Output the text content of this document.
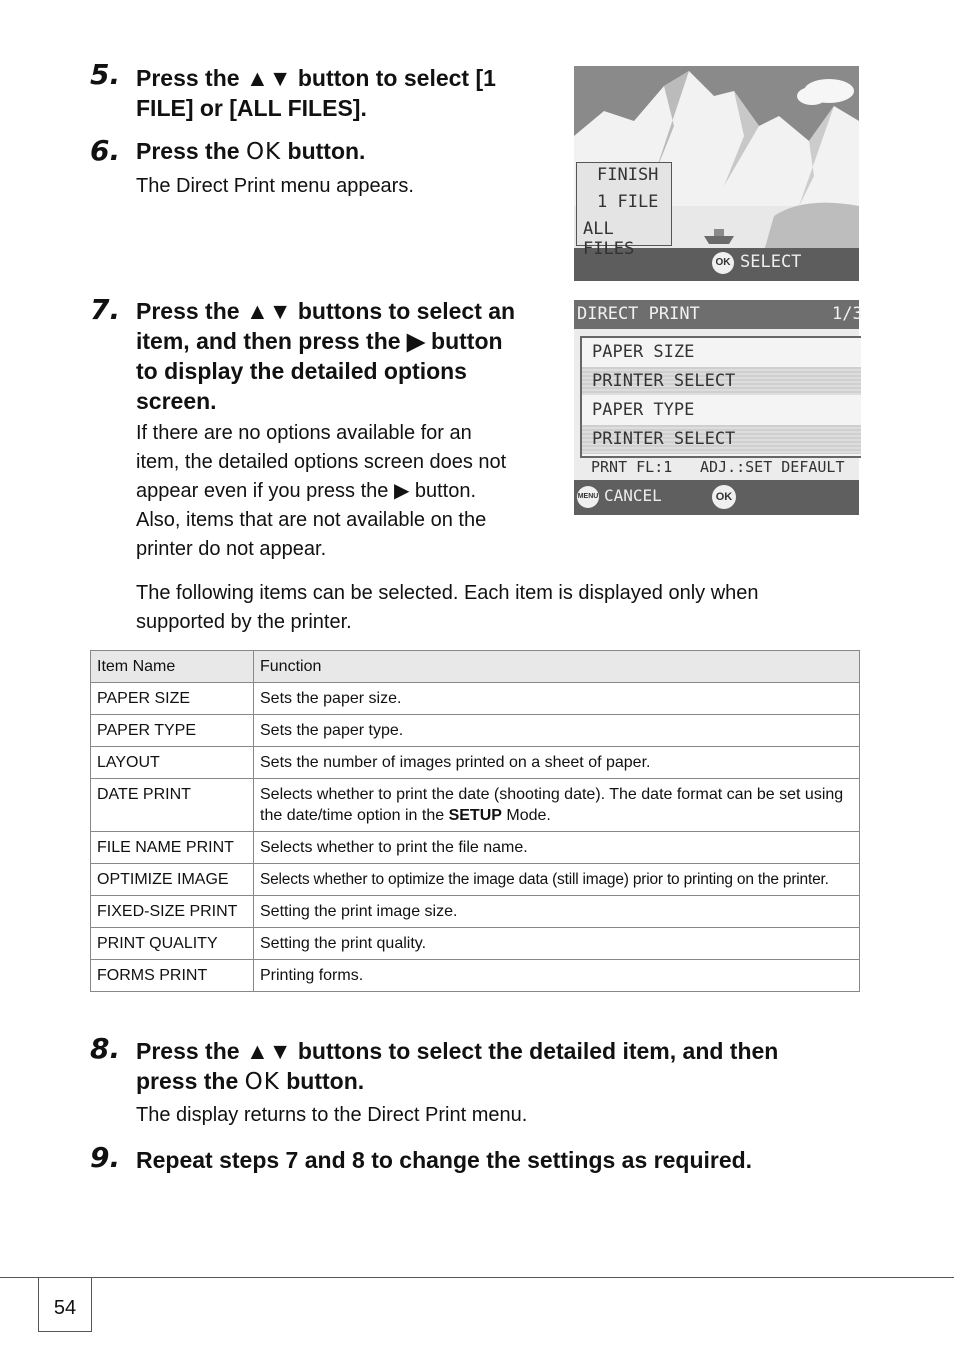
5. Press the ▲▼ button to select [1
FILE] or [ALL FILES].
6. Press the OK button.
The Direct Print menu appears.	FINISH
1 FILE
ALL FILES
OK SELECT
7. Press the ▲▼ buttons to select an
item, and then press the ▶ button
to display the detailed options
screen.
If there are no options available for an
item, the detailed options screen does not
appear even if you press the ▶ button.
Also, items that are not available on the
printer do not appear.
DIRECT PRINT	1/3
PAPER SIZE
PRINTER SELECT
PAPER TYPE
PRINTER SELECT
PRNT FL:1 ADJ.:SET DEFAULT
MENU CANCEL	OK
The following items can be selected. Each item is displayed only when
supported by the printer.
Item Name	Function
PAPER SIZE	Sets the paper size.
PAPER TYPE	Sets the paper type.
LAYOUT	Sets the number of images printed on a sheet of paper.
DATE PRINT	Selects whether to print the date (shooting date). The date format can be set using the date/time option in the SETUP Mode.
FILE NAME PRINT	Selects whether to print the file name.
OPTIMIZE IMAGE	Selects whether to optimize the image data (still image) prior to printing on the printer.
FIXED-SIZE PRINT	Setting the print image size.
PRINT QUALITY	Setting the print quality.
FORMS PRINT	Printing forms.
8. Press the ▲▼ buttons to select the detailed item, and then
press the OK button.
The display returns to the Direct Print menu.
9. Repeat steps 7 and 8 to change the settings as required.
54
